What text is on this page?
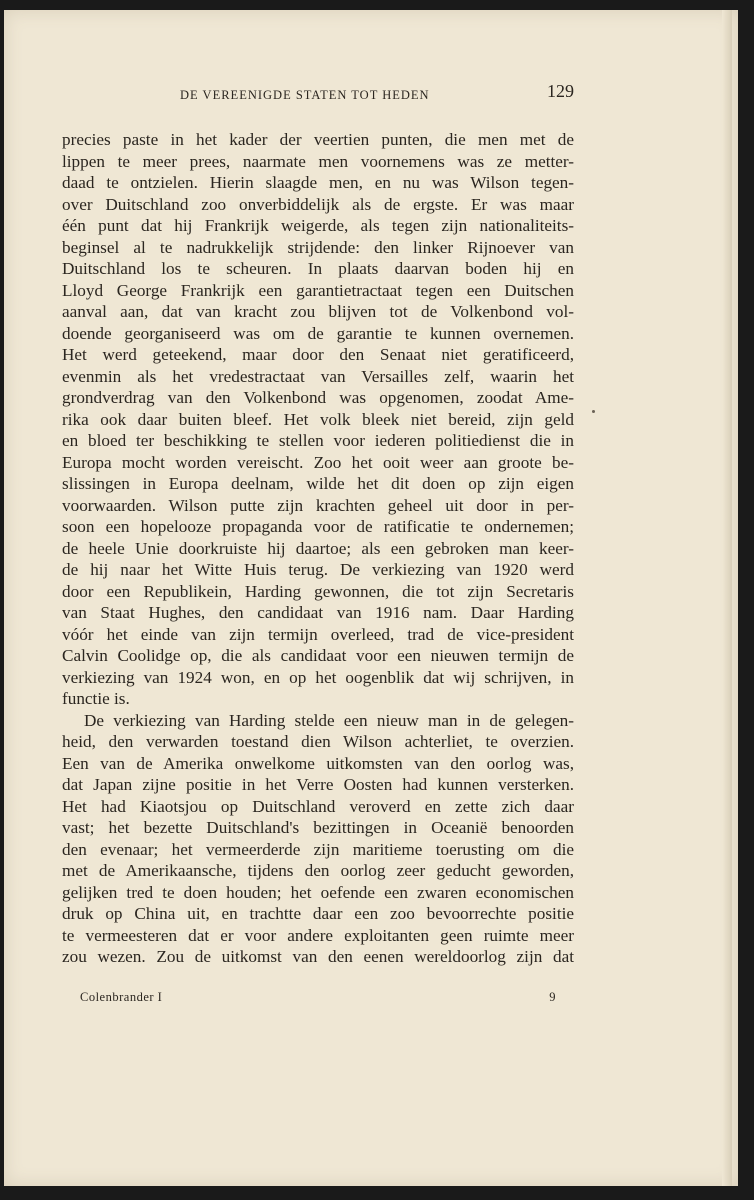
DE VEREENIGDE STATEN TOT HEDEN	129
precies paste in het kader der veertien punten, die men met de
lippen te meer prees, naarmate men voornemens was ze metter-
daad te ontzielen. Hierin slaagde men, en nu was Wilson tegen-
over Duitschland zoo onverbiddelijk als de ergste. Er was maar
één punt dat hij Frankrijk weigerde, als tegen zijn nationaliteits-
beginsel al te nadrukkelijk strijdende: den linker Rijnoever van
Duitschland los te scheuren. In plaats daarvan boden hij en
Lloyd George Frankrijk een garantietractaat tegen een Duitschen
aanval aan, dat van kracht zou blijven tot de Volkenbond vol-
doende georganiseerd was om de garantie te kunnen overnemen.
Het werd geteekend, maar door den Senaat niet geratificeerd,
evenmin als het vredestractaat van Versailles zelf, waarin het
grondverdrag van den Volkenbond was opgenomen, zoodat Ame-
rika ook daar buiten bleef. Het volk bleek niet bereid, zijn geld
en bloed ter beschikking te stellen voor iederen politiedienst die in
Europa mocht worden vereischt. Zoo het ooit weer aan groote be-
slissingen in Europa deelnam, wilde het dit doen op zijn eigen
voorwaarden. Wilson putte zijn krachten geheel uit door in per-
soon een hopelooze propaganda voor de ratificatie te ondernemen;
de heele Unie doorkruiste hij daartoe; als een gebroken man keer-
de hij naar het Witte Huis terug. De verkiezing van 1920 werd
door een Republikein, Harding gewonnen, die tot zijn Secretaris
van Staat Hughes, den candidaat van 1916 nam. Daar Harding
vóór het einde van zijn termijn overleed, trad de vice-president
Calvin Coolidge op, die als candidaat voor een nieuwen termijn de
verkiezing van 1924 won, en op het oogenblik dat wij schrijven, in
functie is.
De verkiezing van Harding stelde een nieuw man in de gelegen-
heid, den verwarden toestand dien Wilson achterliet, te overzien.
Een van de Amerika onwelkome uitkomsten van den oorlog was,
dat Japan zijne positie in het Verre Oosten had kunnen versterken.
Het had Kiaotsjou op Duitschland veroverd en zette zich daar
vast; het bezette Duitschland's bezittingen in Oceanië benoorden
den evenaar; het vermeerderde zijn maritieme toerusting om die
met de Amerikaansche, tijdens den oorlog zeer geducht geworden,
gelijken tred te doen houden; het oefende een zwaren economischen
druk op China uit, en trachtte daar een zoo bevoorrechte positie
te vermeesteren dat er voor andere exploitanten geen ruimte meer
zou wezen. Zou de uitkomst van den eenen wereldoorlog zijn dat
Colenbrander I	9
